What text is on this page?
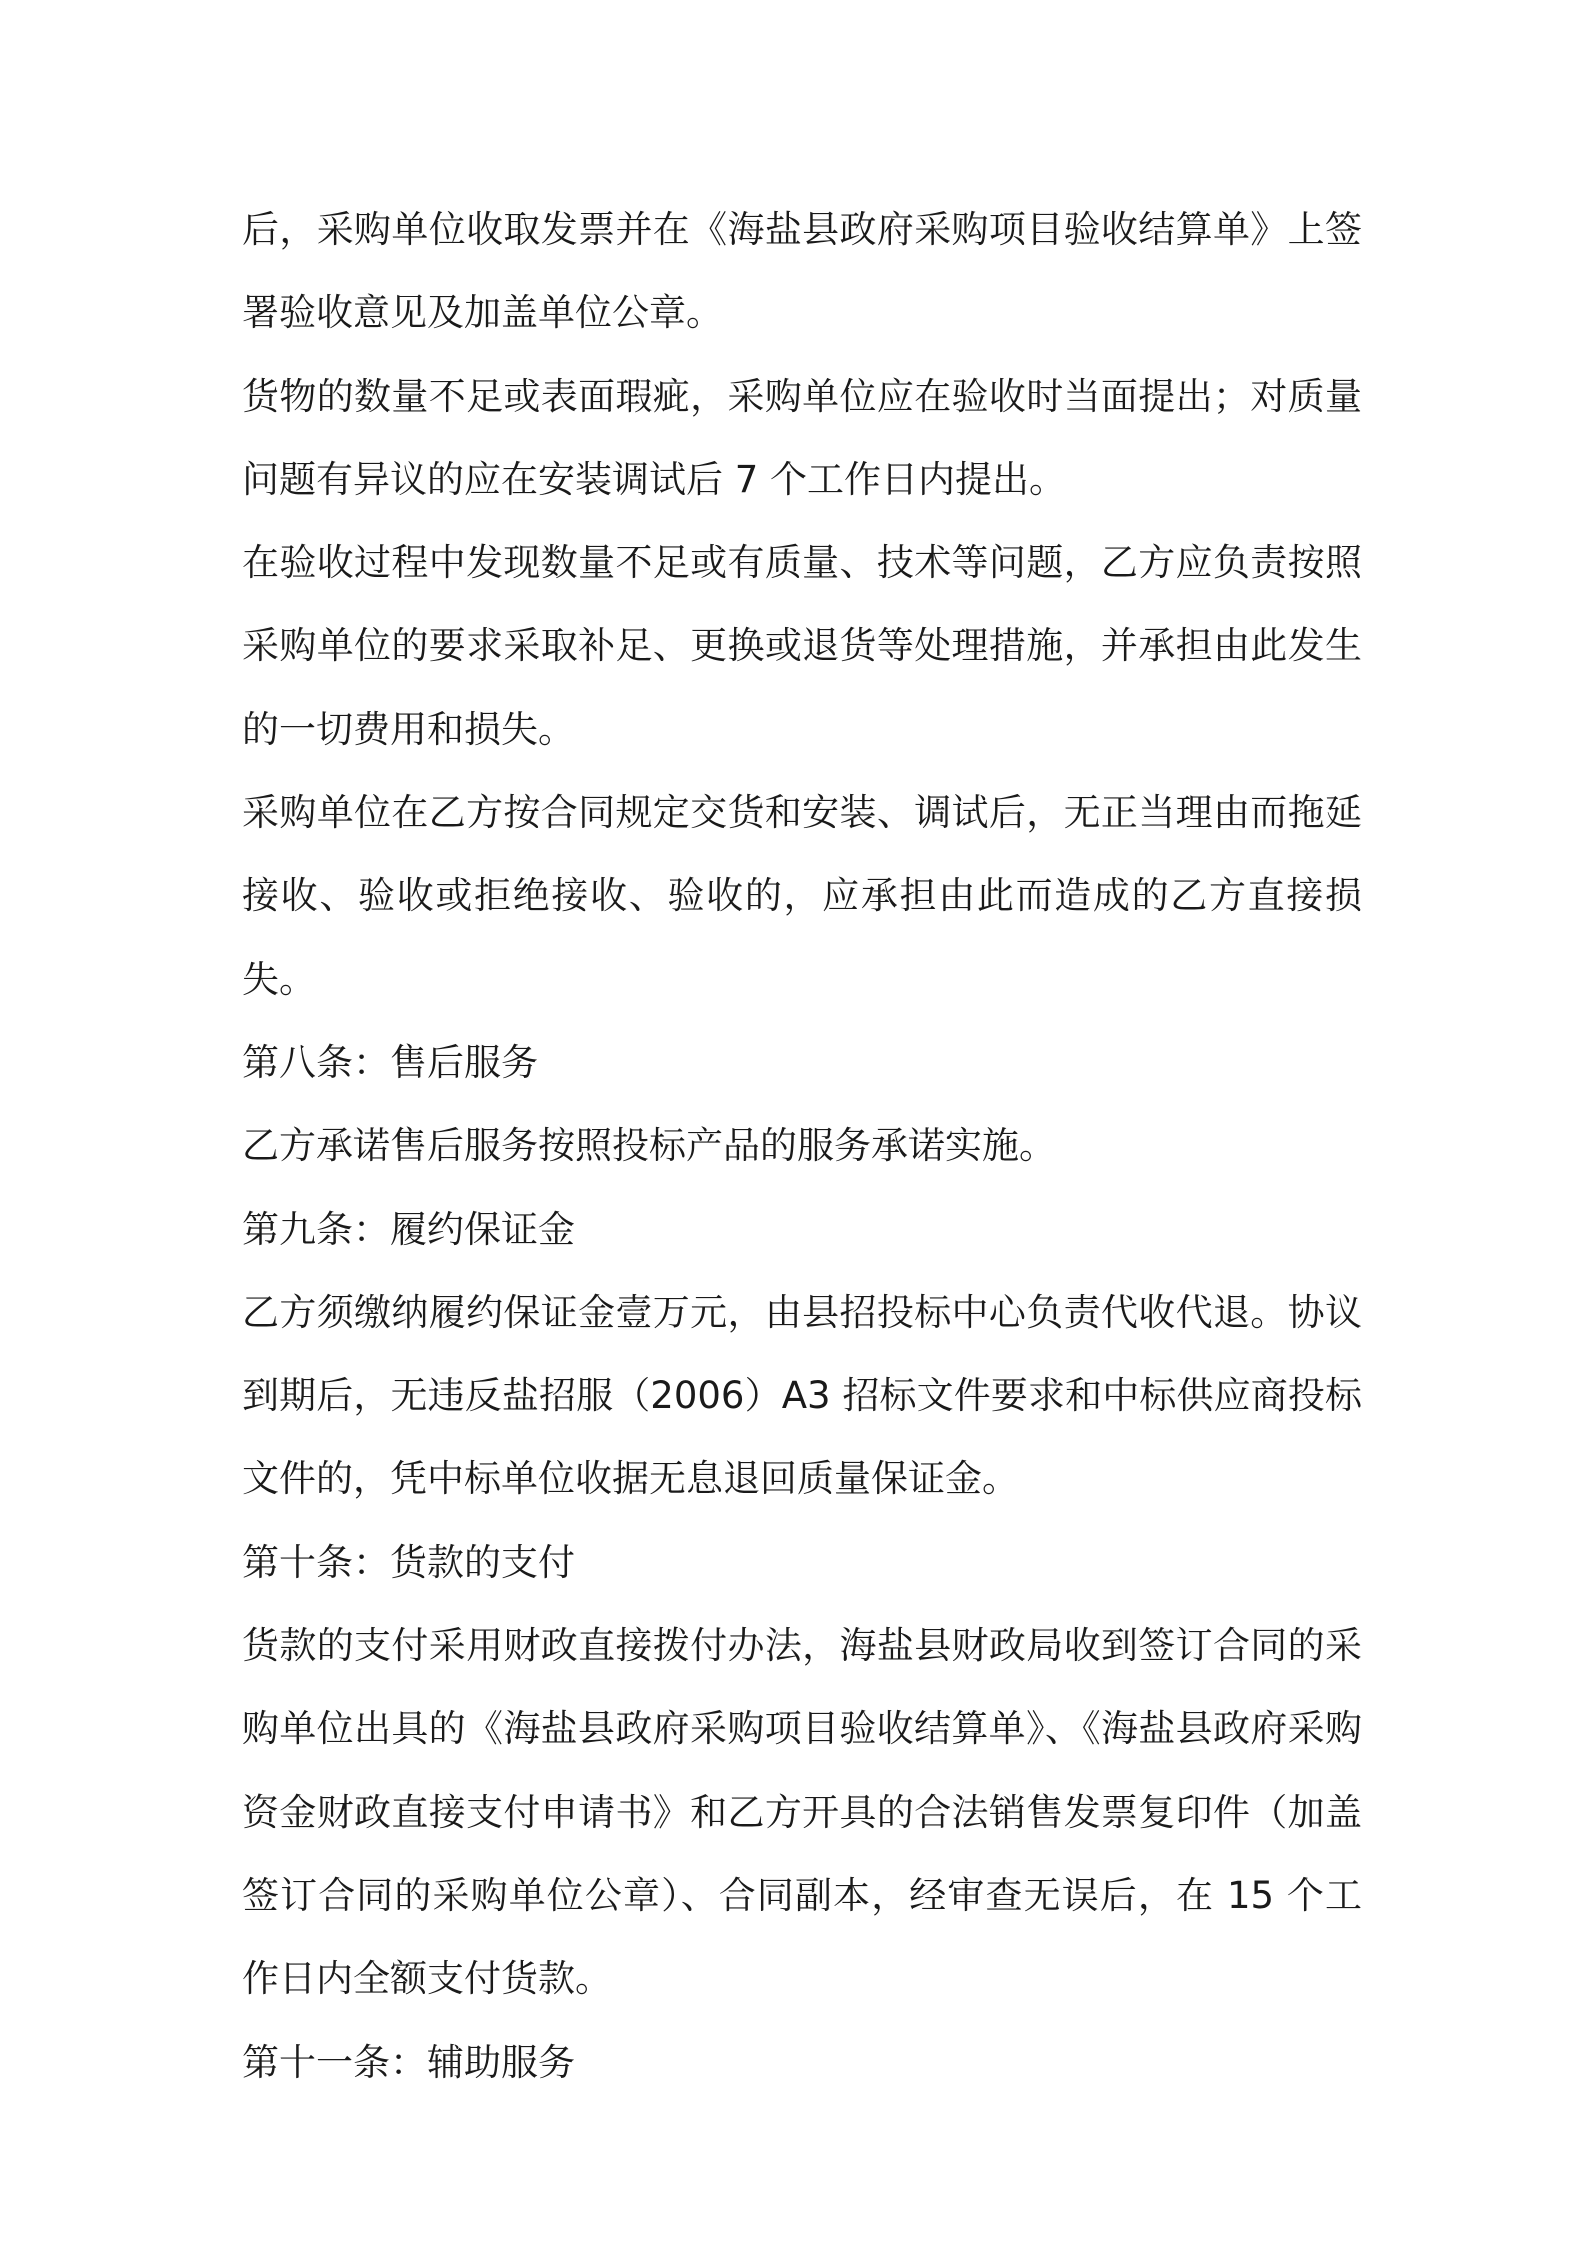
后，采购单位收取发票并在《海盐县政府采购项目验收结算单》上签署验收意见及加盖单位公章。

货物的数量不足或表面瑕疵，采购单位应在验收时当面提出；对质量问题有异议的应在安装调试后 7 个工作日内提出。

在验收过程中发现数量不足或有质量、技术等问题，乙方应负责按照采购单位的要求采取补足、更换或退货等处理措施，并承担由此发生的一切费用和损失。

采购单位在乙方按合同规定交货和安装、调试后，无正当理由而拖延接收、验收或拒绝接收、验收的，应承担由此而造成的乙方直接损失。

第八条：售后服务

乙方承诺售后服务按照投标产品的服务承诺实施。

第九条：履约保证金

乙方须缴纳履约保证金壹万元，由县招投标中心负责代收代退。协议到期后，无违反盐招服（2006）A3 招标文件要求和中标供应商投标文件的，凭中标单位收据无息退回质量保证金。

第十条：货款的支付

货款的支付采用财政直接拨付办法，海盐县财政局收到签订合同的采购单位出具的《海盐县政府采购项目验收结算单》、《海盐县政府采购资金财政直接支付申请书》和乙方开具的合法销售发票复印件（加盖签订合同的采购单位公章）、合同副本，经审查无误后，在 15 个工作日内全额支付货款。

第十一条：辅助服务
